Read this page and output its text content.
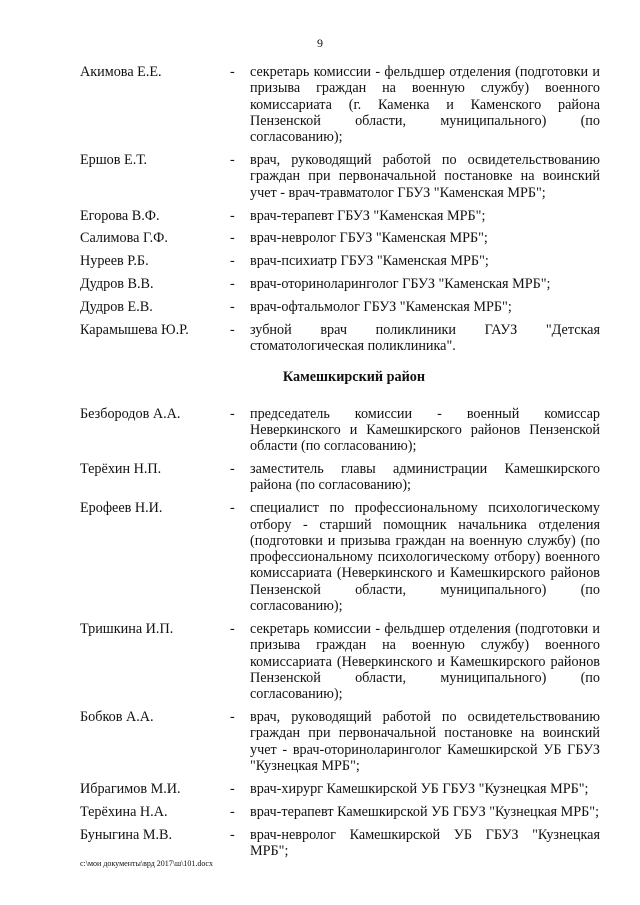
9
Акимова Е.Е.	-	секретарь комиссии - фельдшер отделения (подготовки и призыва граждан на военную службу) военного комиссариата (г. Каменка и Каменского района Пензенской области, муниципального) (по согласованию);
Ершов Е.Т.	-	врач, руководящий работой по освидетельствованию граждан при первоначальной постановке на воинский учет - врач-травматолог ГБУЗ "Каменская МРБ";
Егорова В.Ф.	-	врач-терапевт ГБУЗ "Каменская МРБ";
Салимова Г.Ф.	-	врач-невролог ГБУЗ "Каменская МРБ";
Нуреев Р.Б.	-	врач-психиатр ГБУЗ "Каменская МРБ";
Дудров В.В.	-	врач-оториноларинголог ГБУЗ "Каменская МРБ";
Дудров Е.В.	-	врач-офтальмолог ГБУЗ "Каменская МРБ";
Карамышева Ю.Р.	-	зубной врач поликлиники ГАУЗ "Детская стоматологическая поликлиника".
Камешкирский район
Безбородов А.А.	-	председатель комиссии - военный комиссар Неверкинского и Камешкирского районов Пензенской области (по согласованию);
Терёхин Н.П.	-	заместитель главы администрации Камешкирского района (по согласованию);
Ерофеев Н.И.	-	специалист по профессиональному психологическому отбору - старший помощник начальника отделения (подготовки и призыва граждан на военную службу) (по профессиональному психологическому отбору) военного комиссариата (Неверкинского и Камешкирского районов Пензенской области, муниципального) (по согласованию);
Тришкина И.П.	-	секретарь комиссии - фельдшер отделения (подготовки и призыва граждан на военную службу) военного комиссариата (Неверкинского и Камешкирского районов Пензенской области, муниципального) (по согласованию);
Бобков А.А.	-	врач, руководящий работой по освидетельствованию граждан при первоначальной постановке на воинский учет - врач-оториноларинголог Камешкирской УБ ГБУЗ "Кузнецкая МРБ";
Ибрагимов М.И.	-	врач-хирург Камешкирской УБ ГБУЗ "Кузнецкая МРБ";
Терёхина Н.А.	-	врач-терапевт Камешкирской УБ ГБУЗ "Кузнецкая МРБ";
Буныгина М.В.	-	врач-невролог Камешкирской УБ ГБУЗ "Кузнецкая МРБ";
c:\мои документы\врд 2017\ш\101.docx
